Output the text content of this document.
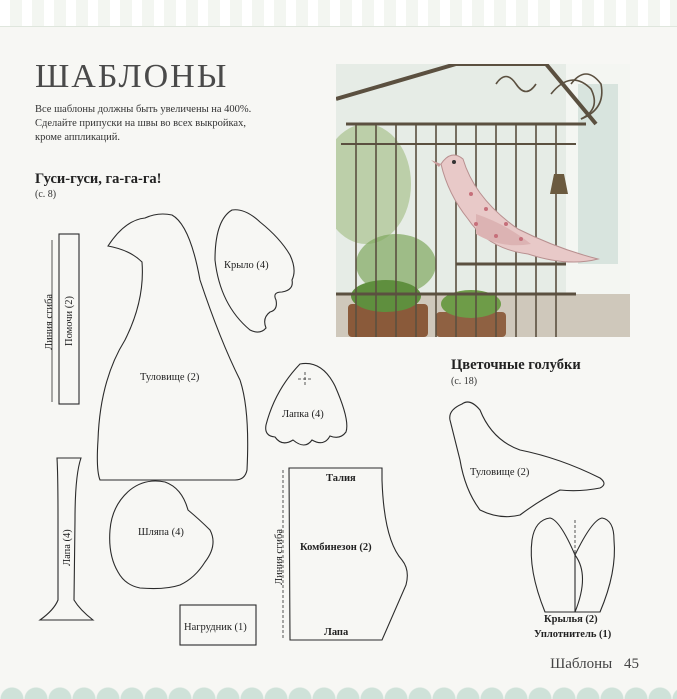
ШАБЛОНЫ
Все шаблоны должны быть увеличены на 400%.
Сделайте припуски на швы во всех выкройках,
кроме аппликаций.
Гуси-гуси, га-га-га!
(с. 8)
Цветочные голубки
(с. 18)
Линия сгиба Помочи (2)
Туловище (2)
Крыло (4)
Лапка (4)
Лапа (4)	Шляпа (4)
Нагрудник (1)
Талия
Линия сгиба Комбинезон (2)
Лапа
Туловище (2)
Крылья (2)
Уплотнитель (1)
Шаблоны 45
